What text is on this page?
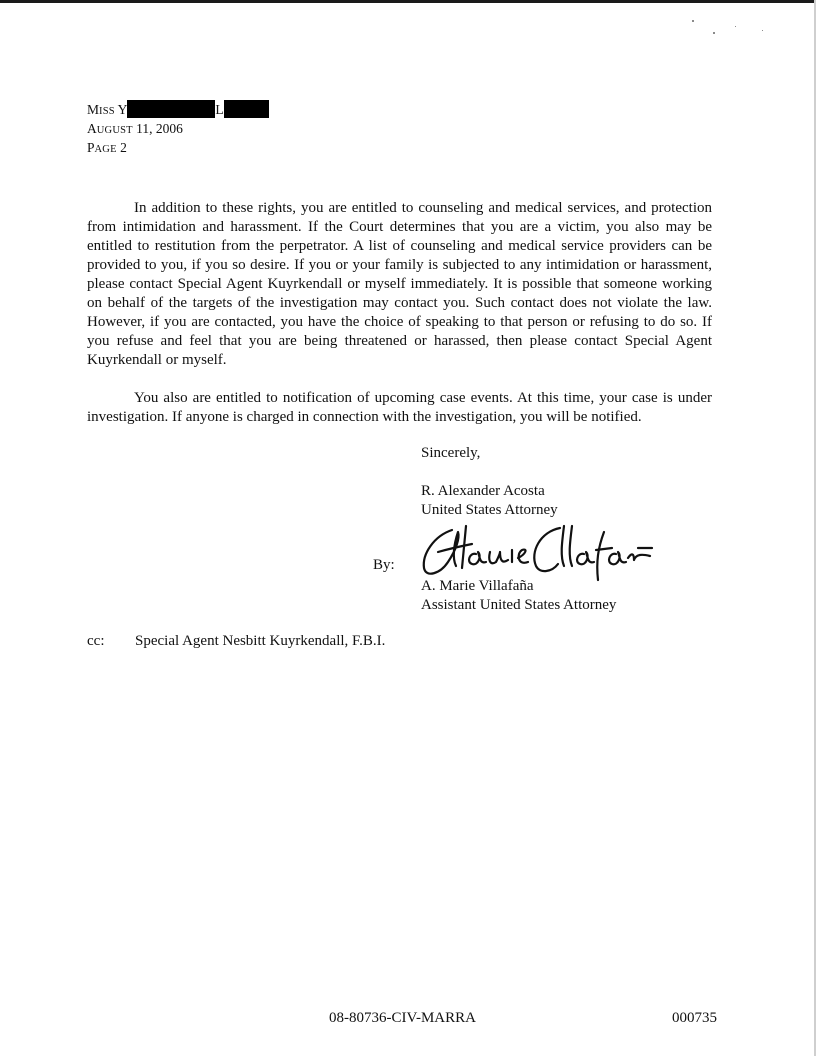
MISS Y	L
AUGUST 11, 2006
PAGE 2

In addition to these rights, you are entitled to counseling and medical services, and protection from intimidation and harassment. If the Court determines that you are a victim, you also may be entitled to restitution from the perpetrator. A list of counseling and medical service providers can be provided to you, if you so desire. If you or your family is subjected to any intimidation or harassment, please contact Special Agent Kuyrkendall or myself immediately. It is possible that someone working on behalf of the targets of the investigation may contact you. Such contact does not violate the law. However, if you are contacted, you have the choice of speaking to that person or refusing to do so. If you refuse and feel that you are being threatened or harassed, then please contact Special Agent Kuyrkendall or myself.

You also are entitled to notification of upcoming case events. At this time, your case is under investigation. If anyone is charged in connection with the investigation, you will be notified.

Sincerely,
R. Alexander Acosta
United States Attorney
By:
A. Marie Villafaña
Assistant United States Attorney
cc: Special Agent Nesbitt Kuyrkendall, F.B.I.
08-80736-CIV-MARRA	000735
